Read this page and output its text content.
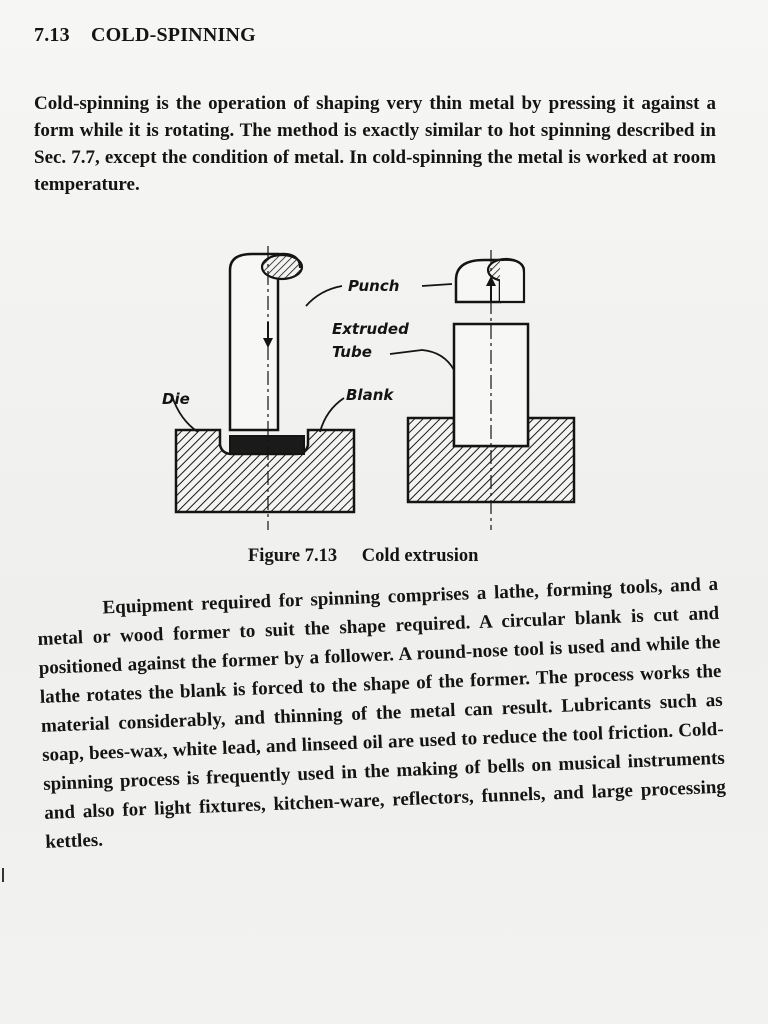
7.13 COLD-SPINNING
Cold-spinning is the operation of shaping very thin metal by pressing it against a form while it is rotating. The method is exactly similar to hot spinning described in Sec. 7.7, except the condition of metal. In cold-spinning the metal is worked at room temperature.
Punch
Extruded
Tube
Blank
Die
Figure 7.13 Cold extrusion
Equipment required for spinning comprises a lathe, forming tools, and a metal or wood former to suit the shape required. A circular blank is cut and positioned against the former by a follower. A round-nose tool is used and while the lathe rotates the blank is forced to the shape of the former. The process works the material considerably, and thinning of the metal can result. Lubricants such as soap, bees-wax, white lead, and linseed oil are used to reduce the tool friction. Cold-spinning process is frequently used in the making of bells on musical instruments and also for light fixtures, kitchen-ware, reflectors, funnels, and large processing kettles.
